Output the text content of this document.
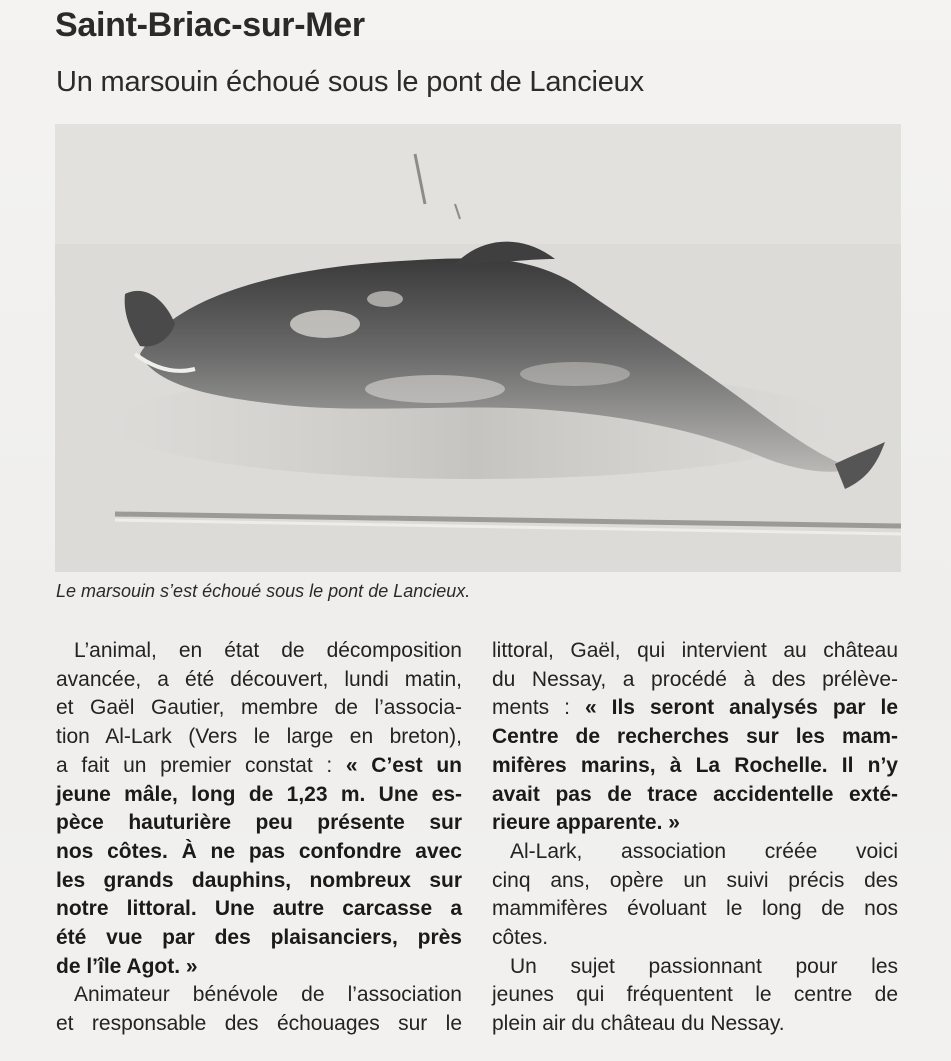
Saint-Briac-sur-Mer
Un marsouin échoué sous le pont de Lancieux

Le marsouin s’est échoué sous le pont de Lancieux.

L’animal, en état de décomposition
avancée, a été découvert, lundi matin,
et Gaël Gautier, membre de l’associa-
tion Al-Lark (Vers le large en breton),
a fait un premier constat : « C’est un
jeune mâle, long de 1,23 m. Une es-
pèce hauturière peu présente sur
nos côtes. À ne pas confondre avec
les grands dauphins, nombreux sur
notre littoral. Une autre carcasse a
été vue par des plaisanciers, près
de l’île Agot. »
Animateur bénévole de l’association
et responsable des échouages sur le
littoral, Gaël, qui intervient au château
du Nessay, a procédé à des prélève-
ments : « Ils seront analysés par le
Centre de recherches sur les mam-
mifères marins, à La Rochelle. Il n’y
avait pas de trace accidentelle exté-
rieure apparente. »
Al-Lark, association créée voici
cinq ans, opère un suivi précis des
mammifères évoluant le long de nos
côtes.
Un sujet passionnant pour les
jeunes qui fréquentent le centre de
plein air du château du Nessay.
